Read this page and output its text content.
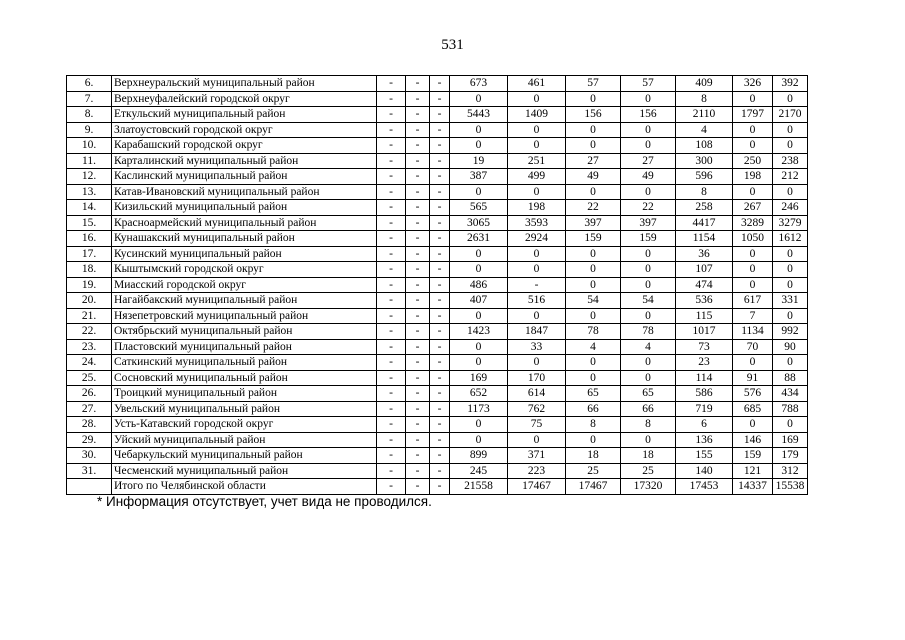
531
6.	Верхнеуральский муниципальный район	-	-	-	673	461	57	57	409	326	392
7.	Верхнеуфалейский городской округ	-	-	-	0	0	0	0	8	0	0
8.	Еткульский муниципальный район	-	-	-	5443	1409	156	156	2110	1797	2170
9.	Златоустовский городской округ	-	-	-	0	0	0	0	4	0	0
10.	Карабашский городской округ	-	-	-	0	0	0	0	108	0	0
11.	Карталинский муниципальный район	-	-	-	19	251	27	27	300	250	238
12.	Каслинский муниципальный район	-	-	-	387	499	49	49	596	198	212
13.	Катав-Ивановский муниципальный район	-	-	-	0	0	0	0	8	0	0
14.	Кизильский муниципальный район	-	-	-	565	198	22	22	258	267	246
15.	Красноармейский муниципальный район	-	-	-	3065	3593	397	397	4417	3289	3279
16.	Кунашакский муниципальный район	-	-	-	2631	2924	159	159	1154	1050	1612
17.	Кусинский муниципальный район	-	-	-	0	0	0	0	36	0	0
18.	Кыштымский городской округ	-	-	-	0	0	0	0	107	0	0
19.	Миасский городской округ	-	-	-	486	-	0	0	474	0	0
20.	Нагайбакский муниципальный район	-	-	-	407	516	54	54	536	617	331
21.	Нязепетровский муниципальный район	-	-	-	0	0	0	0	115	7	0
22.	Октябрьский муниципальный район	-	-	-	1423	1847	78	78	1017	1134	992
23.	Пластовский муниципальный район	-	-	-	0	33	4	4	73	70	90
24.	Саткинский муниципальный район	-	-	-	0	0	0	0	23	0	0
25.	Сосновский муниципальный район	-	-	-	169	170	0	0	114	91	88
26.	Троицкий муниципальный район	-	-	-	652	614	65	65	586	576	434
27.	Увельский муниципальный район	-	-	-	1173	762	66	66	719	685	788
28.	Усть-Катавский городской округ	-	-	-	0	75	8	8	6	0	0
29.	Уйский муниципальный район	-	-	-	0	0	0	0	136	146	169
30.	Чебаркульский муниципальный район	-	-	-	899	371	18	18	155	159	179
31.	Чесменский муниципальный район	-	-	-	245	223	25	25	140	121	312
	Итого по Челябинской области	-	-	-	21558	17467	17467	17320	17453	14337	15538
* Информация отсутствует, учет вида не проводился.
